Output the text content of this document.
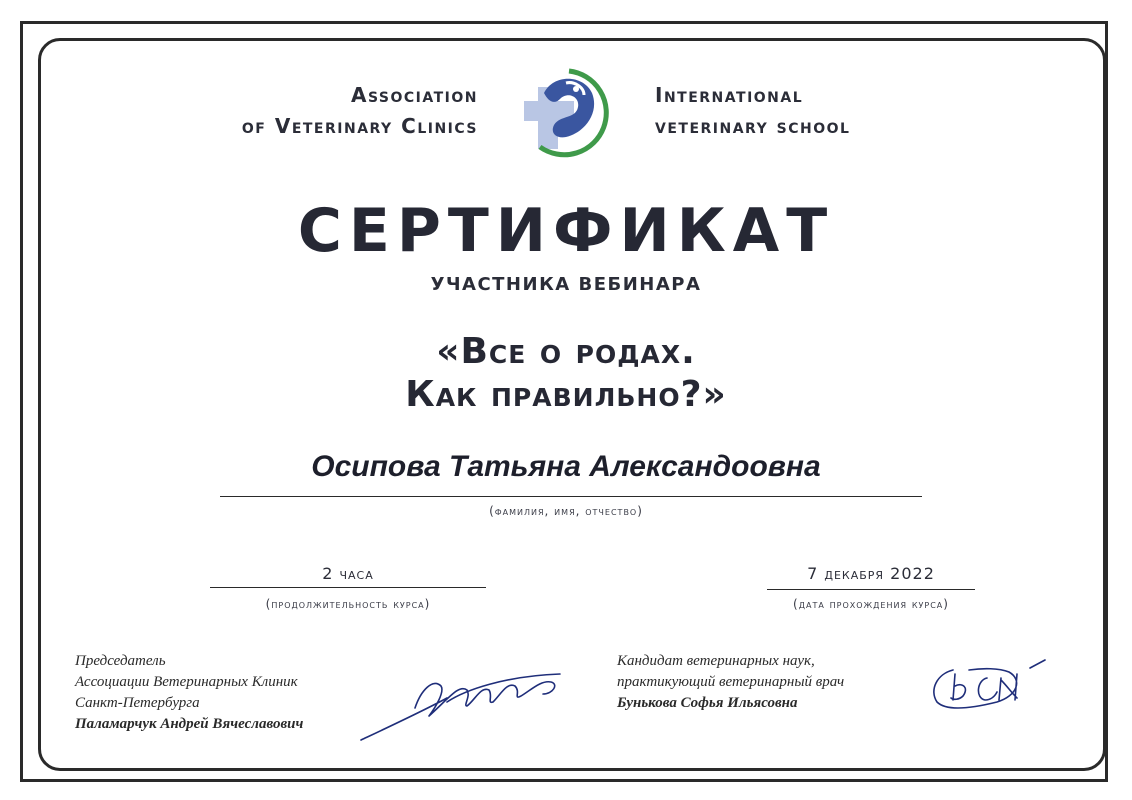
Association
of Veterinary Clinics
International
veterinary school
СЕРТИФИКАТ
УЧАСТНИКА ВЕБИНАРА
«Все о родах.
Как правильно?»
Осипова Татьяна Александоовна
(фамилия, имя, отчество)
2 часа
(продолжительность курса)
7 декабря 2022
(дата прохождения курса)
Председатель
Ассоциации Ветеринарных Клиник
Санкт-Петербурга
Паламарчук Андрей Вячеславович
Кандидат ветеринарных наук,
практикующий ветеринарный врач
Бунькова Софья Ильясовна
